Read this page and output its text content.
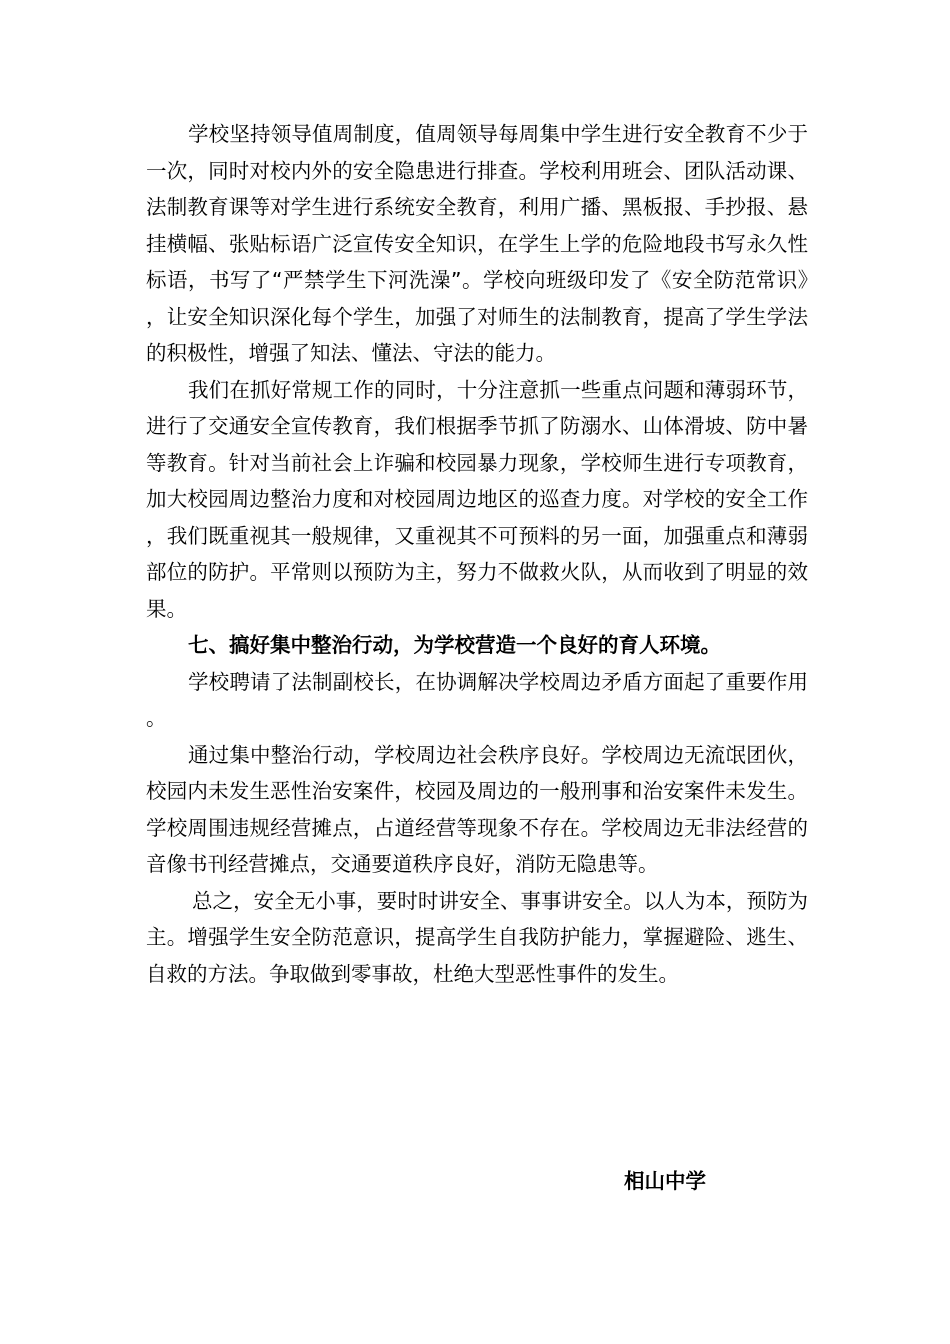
学校坚持领导值周制度，值周领导每周集中学生进行安全教育不少于一次，同时对校内外的安全隐患进行排查。学校利用班会、团队活动课、法制教育课等对学生进行系统安全教育，利用广播、黑板报、手抄报、悬挂横幅、张贴标语广泛宣传安全知识，在学生上学的危险地段书写永久性标语，书写了“严禁学生下河洗澡”。学校向班级印发了《安全防范常识》，让安全知识深化每个学生，加强了对师生的法制教育，提高了学生学法的积极性，增强了知法、懂法、守法的能力。

我们在抓好常规工作的同时，十分注意抓一些重点问题和薄弱环节，进行了交通安全宣传教育，我们根据季节抓了防溺水、山体滑坡、防中暑等教育。针对当前社会上诈骗和校园暴力现象，学校师生进行专项教育，加大校园周边整治力度和对校园周边地区的巡查力度。对学校的安全工作，我们既重视其一般规律，又重视其不可预料的另一面，加强重点和薄弱部位的防护。平常则以预防为主，努力不做救火队，从而收到了明显的效果。

七、搞好集中整治行动，为学校营造一个良好的育人环境。

学校聘请了法制副校长，在协调解决学校周边矛盾方面起了重要作用。

通过集中整治行动，学校周边社会秩序良好。学校周边无流氓团伙，校园内未发生恶性治安案件，校园及周边的一般刑事和治安案件未发生。学校周围违规经营摊点，占道经营等现象不存在。学校周边无非法经营的音像书刊经营摊点，交通要道秩序良好，消防无隐患等。

总之，安全无小事，要时时讲安全、事事讲安全。以人为本，预防为主。增强学生安全防范意识，提高学生自我防护能力，掌握避险、逃生、自救的方法。争取做到零事故，杜绝大型恶性事件的发生。

相山中学
